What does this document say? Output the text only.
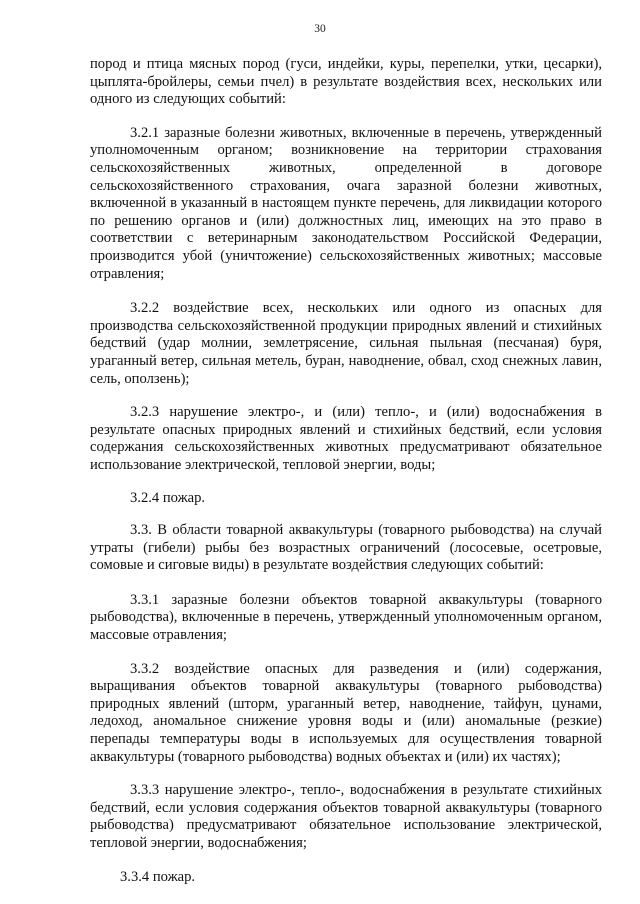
30

пород и птица мясных пород (гуси, индейки, куры, перепелки, утки, цесарки), цыплята-бройлеры, семьи пчел) в результате воздействия всех, нескольких или одного из следующих событий:

3.2.1 заразные болезни животных, включенные в перечень, утвержденный уполномоченным органом; возникновение на территории страхования сельскохозяйственных животных, определенной в договоре сельскохозяйственного страхования, очага заразной болезни животных, включенной в указанный в настоящем пункте перечень, для ликвидации которого по решению органов и (или) должностных лиц, имеющих на это право в соответствии с ветеринарным законодательством Российской Федерации, производится убой (уничтожение) сельскохозяйственных животных; массовые отравления;

3.2.2 воздействие всех, нескольких или одного из опасных для производства сельскохозяйственной продукции природных явлений и стихийных бедствий (удар молнии, землетрясение, сильная пыльная (песчаная) буря, ураганный ветер, сильная метель, буран, наводнение, обвал, сход снежных лавин, сель, оползень);

3.2.3 нарушение электро-, и (или) тепло-, и (или) водоснабжения в результате опасных природных явлений и стихийных бедствий, если условия содержания сельскохозяйственных животных предусматривают обязательное использование электрической, тепловой энергии, воды;

3.2.4 пожар.

3.3. В области товарной аквакультуры (товарного рыбоводства) на случай утраты (гибели) рыбы без возрастных ограничений (лососевые, осетровые, сомовые и сиговые виды) в результате воздействия следующих событий:

3.3.1 заразные болезни объектов товарной аквакультуры (товарного рыбоводства), включенные в перечень, утвержденный уполномоченным органом, массовые отравления;

3.3.2 воздействие опасных для разведения и (или) содержания, выращивания объектов товарной аквакультуры (товарного рыбоводства) природных явлений (шторм, ураганный ветер, наводнение, тайфун, цунами, ледоход, аномальное снижение уровня воды и (или) аномальные (резкие) перепады температуры воды в используемых для осуществления товарной аквакультуры (товарного рыбоводства) водных объектах и (или) их частях);

3.3.3 нарушение электро-, тепло-, водоснабжения в результате стихийных бедствий, если условия содержания объектов товарной аквакультуры (товарного рыбоводства) предусматривают обязательное использование электрической, тепловой энергии, водоснабжения;

3.3.4 пожар.
